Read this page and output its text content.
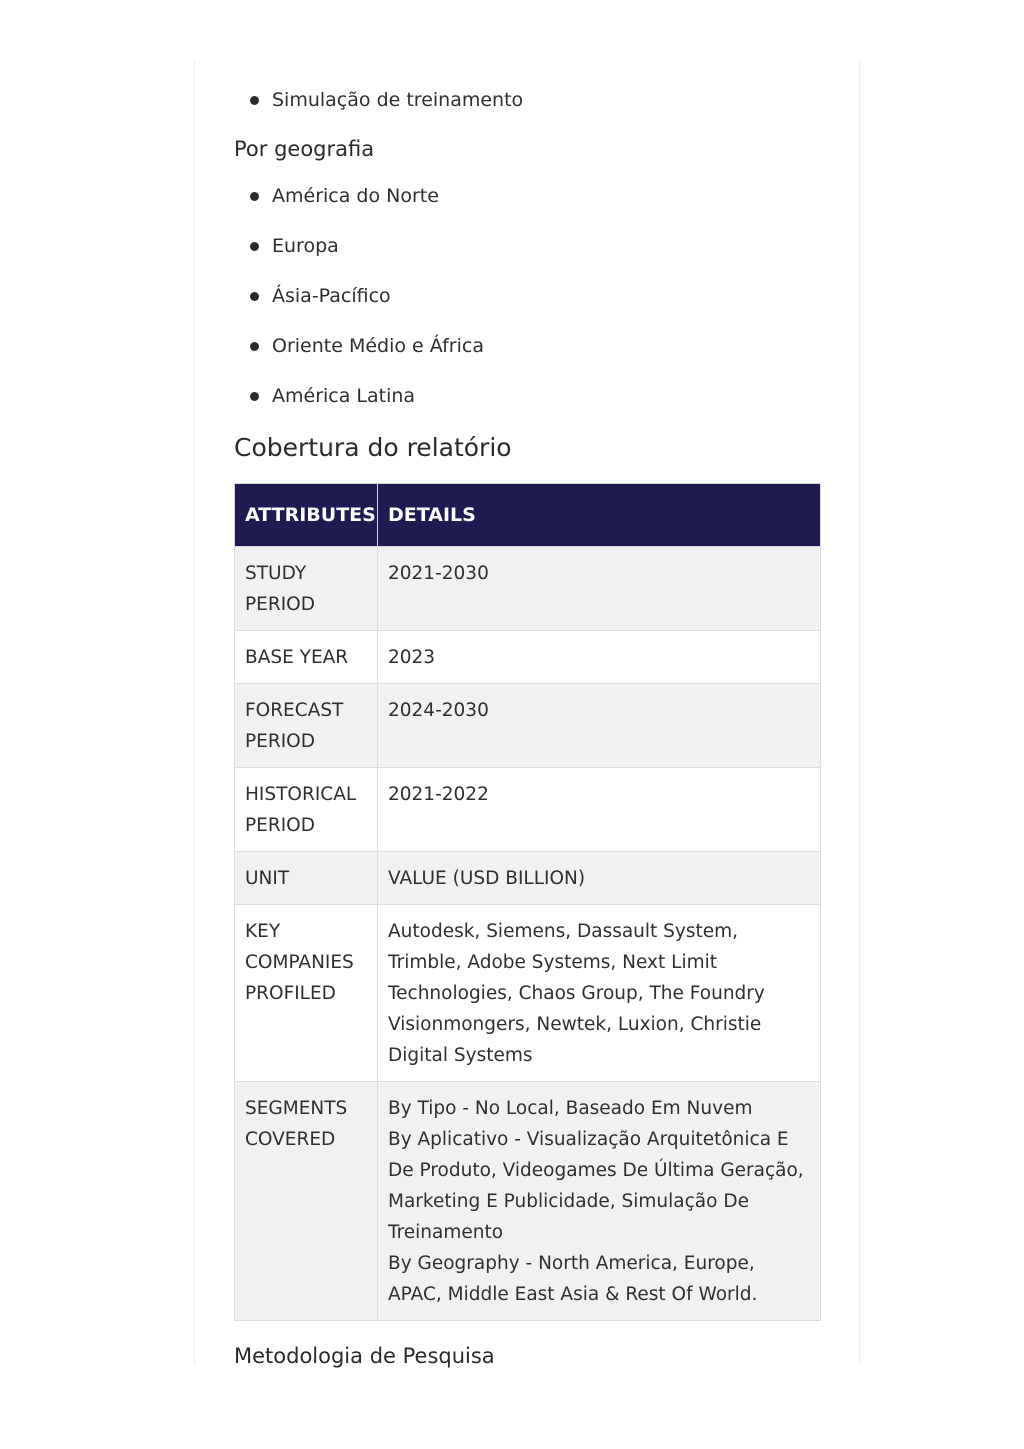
Simulação de treinamento
Por geografia
América do Norte
Europa
Ásia-Pacífico
Oriente Médio e África
América Latina
Cobertura do relatório
ATTRIBUTES	DETAILS
STUDY PERIOD	2021-2030
BASE YEAR	2023
FORECAST PERIOD	2024-2030
HISTORICAL PERIOD	2021-2022
UNIT	VALUE (USD BILLION)
KEY COMPANIES PROFILED	Autodesk, Siemens, Dassault System, Trimble, Adobe Systems, Next Limit Technologies, Chaos Group, The Foundry Visionmongers, Newtek, Luxion, Christie Digital Systems
SEGMENTS COVERED	By Tipo - No Local, Baseado Em Nuvem
By Aplicativo - Visualização Arquitetônica E De Produto, Videogames De Última Geração, Marketing E Publicidade, Simulação De Treinamento
By Geography - North America, Europe, APAC, Middle East Asia & Rest Of World.
Metodologia de Pesquisa
